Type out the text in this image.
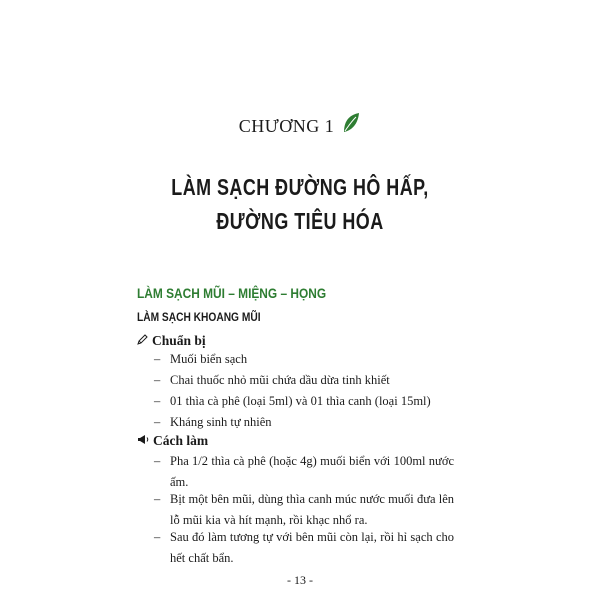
CHƯƠNG 1
LÀM SẠCH ĐƯỜNG HÔ HẤP,
ĐƯỜNG TIÊU HÓA
LÀM SẠCH MŨI – MIỆNG – HỌNG
LÀM SẠCH KHOANG MŨI
Chuẩn bị
– Muối biển sạch
– Chai thuốc nhỏ mũi chứa dầu dừa tinh khiết
– 01 thìa cà phê (loại 5ml) và 01 thìa canh (loại 15ml)
– Kháng sinh tự nhiên
Cách làm
– Pha 1/2 thìa cà phê (hoặc 4g) muối biển với 100ml nước ấm.
– Bịt một bên mũi, dùng thìa canh múc nước muối đưa lên lỗ mũi kia và hít mạnh, rồi khạc nhổ ra.
– Sau đó làm tương tự với bên mũi còn lại, rồi hỉ sạch cho hết chất bẩn.
- 13 -
